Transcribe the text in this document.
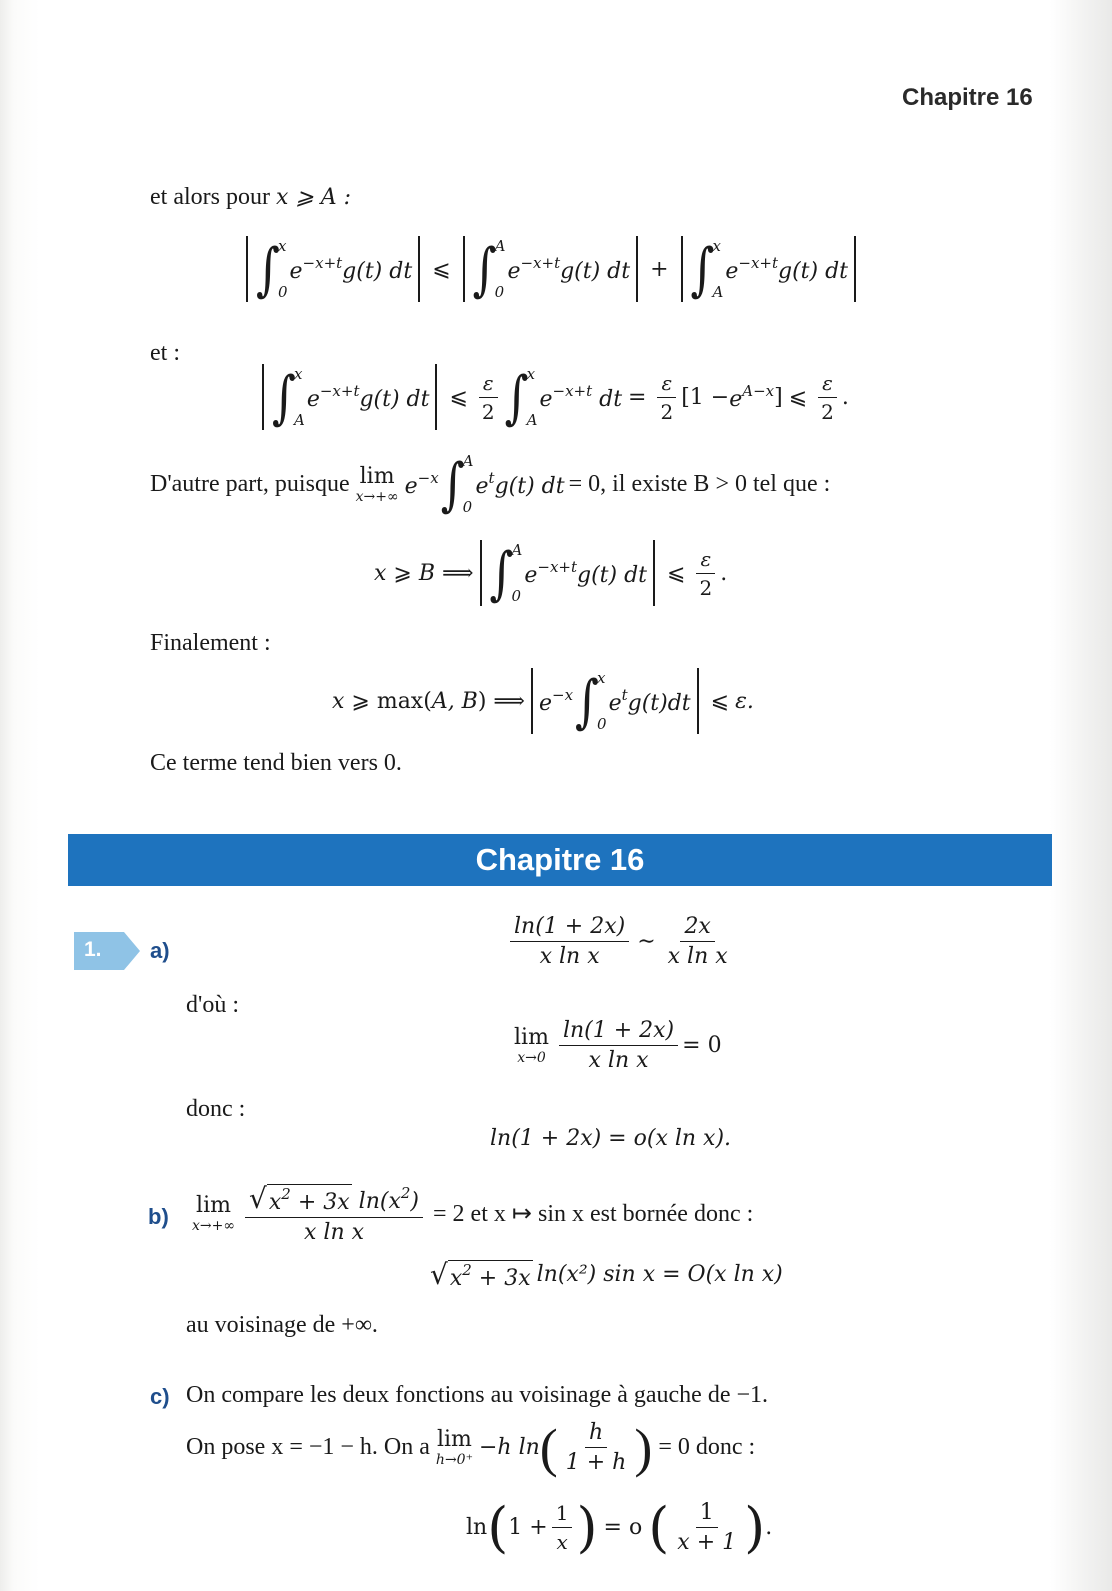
Chapitre 16
et alors pour x ⩾ A :
∫
x
0
$e^{-x+t}g(t)$ dt ⩽ ∫
A
0
$e^{-x+t}g(t)$ dt + ∫
x
A
$e^{-x+t}g(t)$ dt
et :
∫
x
A
$e^{-x+t}g(t)$ dt ⩽ $\frac{\varepsilon}{2}$ ∫
x
A
$e^{-x+t}$ dt = $\frac{\varepsilon}{2} [1 - e^{A-x}$ ] ⩽ $\frac{\varepsilon}{2}$ .
D'autre part, puisque lim
x→+∞ $e^{-x}$ ∫
A
0
$e^tg(t)$ dt = 0, il existe B > 0 tel que :
x ⩾ B ⟹ ∫
A
0
$e^{-x+t}g(t)$ dt ⩽ $\frac{\varepsilon}{2}$ .
Finalement :
x ⩾ max(A, B) ⟹ $e^{-x}$ ∫
x
0
$e^tg(t)dt$ ⩽ ε.
Ce terme tend bien vers 0.
Chapitre 16
1. a)	$\frac{\ln(1 + 2x)}{\text{x ln x}}$ ∼ $\frac{2x}{\text{x ln x}}$
d'où :
lim
$x\to 0 \frac{\ln(1 + 2x)}{\text{x ln x}} = 0$
donc :
ln(1 + 2x) = o(x ln x).
b) lim
$x\to+\infty \frac{√ x^2 + 3x \ln(x^2)}{\text{x ln x}} = 2$ et x ↦ sin x est bornée donc :
√ $x^2 + 3x$ ln(x²) sin x = O(x ln x)
au voisinage de +∞.
c) On compare les deux fonctions au voisinage à gauche de −1.
On pose x = −1 − h. On a lim
h→0⁺ −h ln ( $\frac{h}{1 + h}$ ) = 0 donc :
ln ( $1 + \frac{1}{x}$ ) = o ( $\frac{1}{x + 1}$ ) .
